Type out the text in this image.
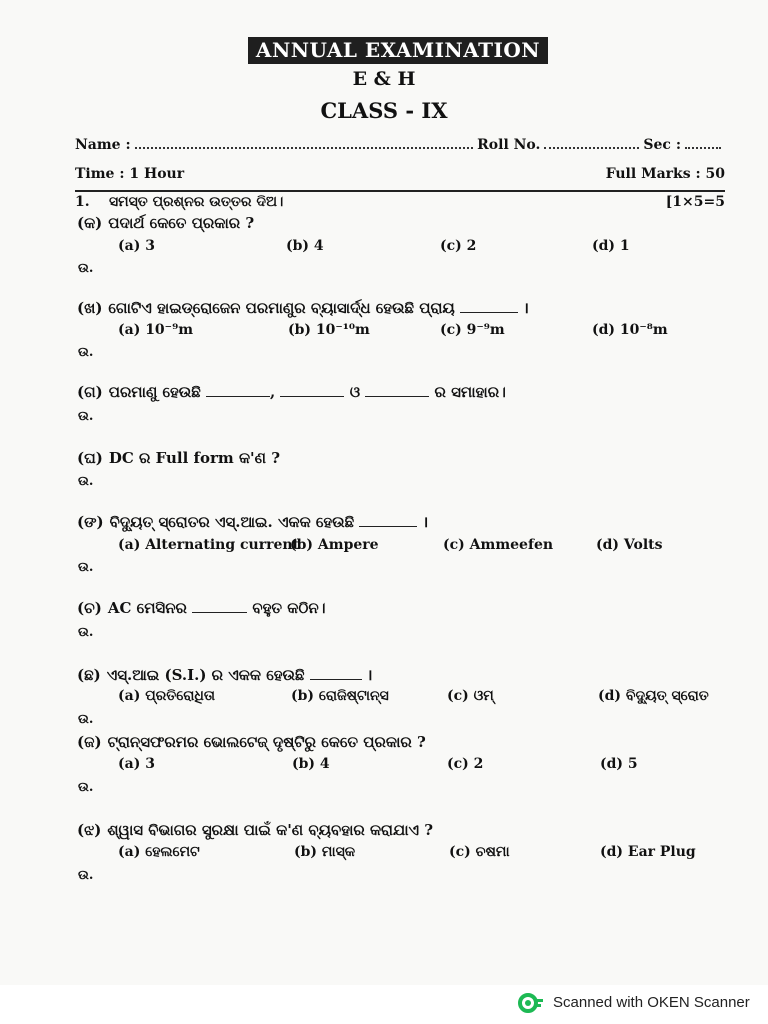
ANNUAL EXAMINATION
E & H
CLASS - IX
Name :	Roll No.	Sec :
Time : 1 Hour	Full Marks : 50
1.	ସମସ୍ତ ପ୍ରଶ୍ନର ଉତ୍ତର ଦିଅ।	[1×5=5
(କ) ପଦାର୍ଥ କେତେ ପ୍ରକାର ?
(a) 3	(b) 4	(c) 2	(d) 1
ଉ.
(ଖ) ଗୋଟିଏ ହାଇଡ୍ରୋଜେନ ପରମାଣୁର ବ୍ୟାସାର୍ଦ୍ଧ ହେଉଛି ପ୍ରାୟ	।
(a) 10⁻⁹m	(b) 10⁻¹⁰m	(c) 9⁻⁹m	(d) 10⁻⁸m
ଉ.
(ଗ) ପରମାଣୁ ହେଉଛି	,	ଓ	ର ସମାହାର।
ଉ.
(ଘ) DC ର Full form କ'ଣ ?
ଉ.
(ଙ) ବିଦ୍ୟୁତ୍ ସ୍ରୋତର ଏସ୍.ଆଇ. ଏକକ ହେଉଛି	।
(a) Alternating current
(b) Ampere	(c) Ammeefen	(d) Volts
ଉ.
(ଚ) AC ମେସିନର	ବହୁତ କଠିନ।
ଉ.
(ଛ) ଏସ୍.ଆଇ (S.I.) ର ଏକକ ହେଉଛି	।
(a) ପ୍ରତିରୋଧିତା	(b) ରୋଜିଷ୍ଟାନ୍ସ	(c) ଓମ୍	(d) ବିଦ୍ୟୁତ୍ ସ୍ରୋତ
ଉ.
(ଜ) ଟ୍ରାନ୍ସଫରମର ଭୋଲଟେଜ୍ ଦୃଷ୍ଟିରୁ କେତେ ପ୍ରକାର ?
(a) 3	(b) 4	(c) 2	(d) 5
ଉ.
(ଝ) ଶ୍ୱାସ ବିଭାଗର ସୁରକ୍ଷା ପାଇଁ କ'ଣ ବ୍ୟବହାର କରାଯାଏ ?
(a) ହେଲମେଟ	(b) ମାସ୍କ	(c) ଚଷମା	(d) Ear Plug
ଉ.
Scanned with OKEN Scanner
